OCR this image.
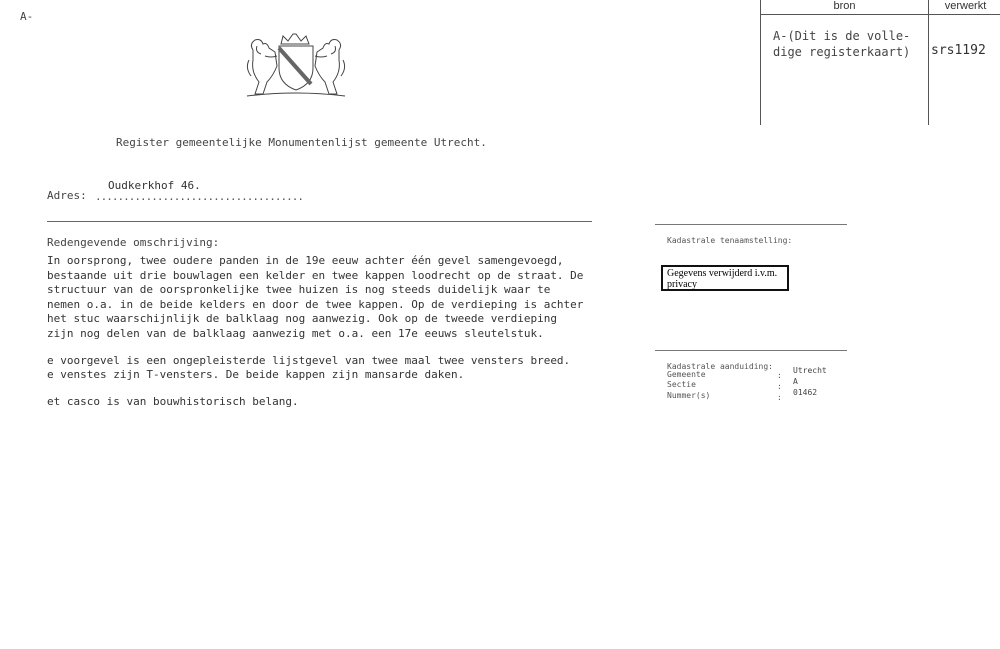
A-
bron	verwerkt
A-(Dit is de volle-
dige registerkaart) srs1192
Register gemeentelijke Monumentenlijst gemeente Utrecht.
Oudkerkhof 46.
Adres: .....................................
Redengevende omschrijving:

In oorsprong, twee oudere panden in de 19e eeuw achter één gevel samengevoegd,
bestaande uit drie bouwlagen een kelder en twee kappen loodrecht op de straat. De
structuur van de oorspronkelijke twee huizen is nog steeds duidelijk waar te
nemen o.a. in de beide kelders en door de twee kappen. Op de verdieping is achter
het stuc waarschijnlijk de balklaag nog aanwezig. Ook op de tweede verdieping
zijn nog delen van de balklaag aanwezig met o.a. een 17e eeuws sleutelstuk.

e voorgevel is een ongepleisterde lijstgevel van twee maal twee vensters breed.
e venstes zijn T-vensters. De beide kappen zijn mansarde daken.

et casco is van bouwhistorisch belang.

Kadastrale tenaamstelling:
Gegevens verwijderd i.v.m. privacy
Kadastrale aanduiding:
Gemeente	:
Utrecht
Sectie	:
A
Nummer(s)	:
01462
